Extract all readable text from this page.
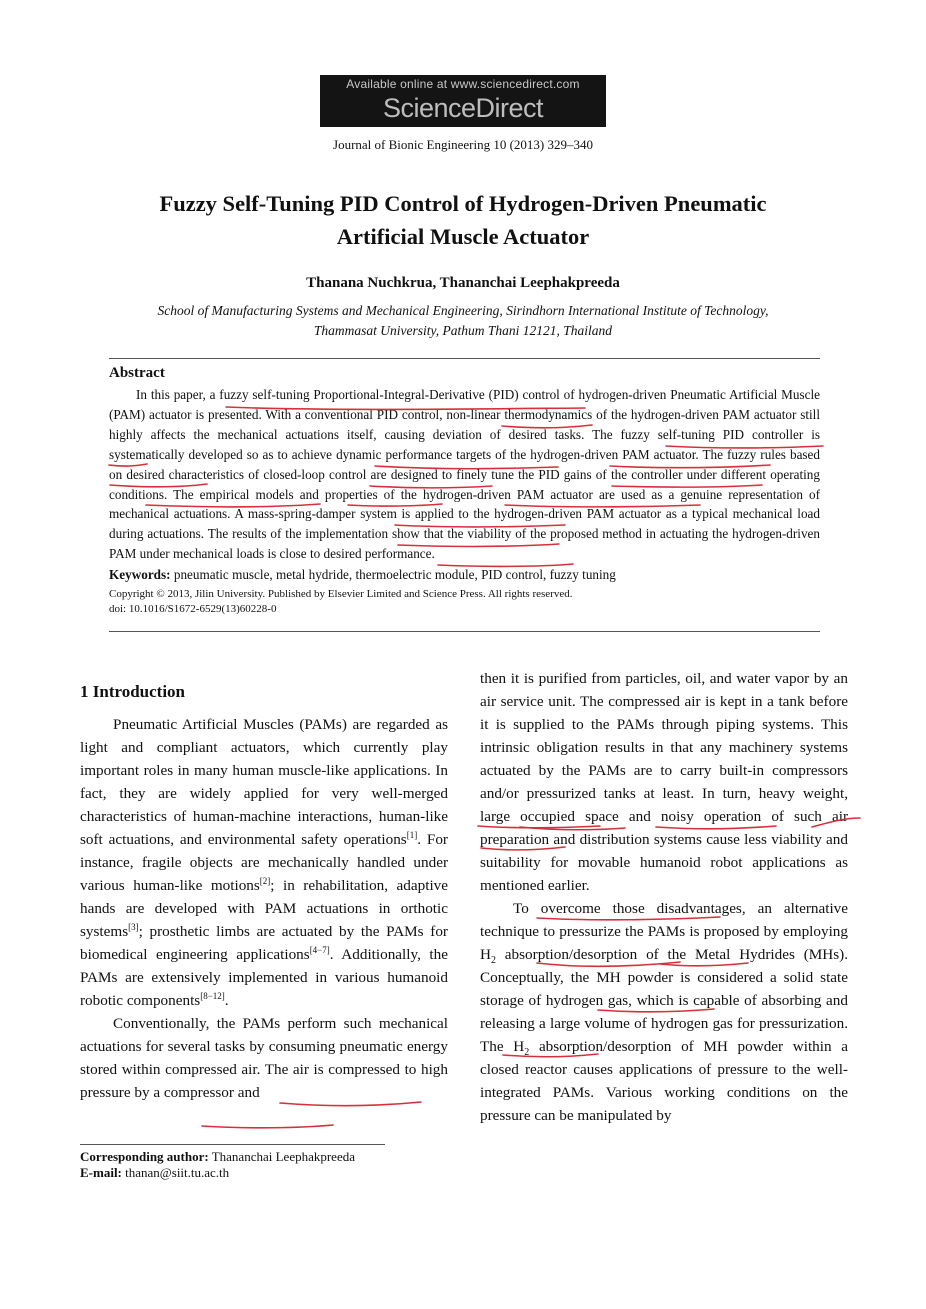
Available online at www.sciencedirect.com
ScienceDirect
Journal of Bionic Engineering 10 (2013) 329–340
Fuzzy Self-Tuning PID Control of Hydrogen-Driven Pneumatic
Artificial Muscle Actuator
Thanana Nuchkrua, Thananchai Leephakpreeda
School of Manufacturing Systems and Mechanical Engineering, Sirindhorn International Institute of Technology,
Thammasat University, Pathum Thani 12121, Thailand
Abstract

In this paper, a fuzzy self-tuning Proportional-Integral-Derivative (PID) control of hydrogen-driven Pneumatic Artificial Muscle (PAM) actuator is presented. With a conventional PID control, non-linear thermodynamics of the hydrogen-driven PAM actuator still highly affects the mechanical actuations itself, causing deviation of desired tasks. The fuzzy self-tuning PID controller is systematically developed so as to achieve dynamic performance targets of the hydrogen-driven PAM actuator. The fuzzy rules based on desired characteristics of closed-loop control are designed to finely tune the PID gains of the controller under different operating conditions. The empirical models and properties of the hydrogen-driven PAM actuator are used as a genuine representation of mechanical actuations. A mass-spring-damper system is applied to the hydrogen-driven PAM actuator as a typical mechanical load during actuations. The results of the implementation show that the viability of the proposed method in actuating the hydrogen-driven PAM under mechanical loads is close to desired performance.

Keywords: pneumatic muscle, metal hydride, thermoelectric module, PID control, fuzzy tuning
Copyright © 2013, Jilin University. Published by Elsevier Limited and Science Press. All rights reserved.
doi: 10.1016/S1672-6529(13)60228-0
1 Introduction

Pneumatic Artificial Muscles (PAMs) are regarded as light and compliant actuators, which currently play important roles in many human muscle-like applications. In fact, they are widely applied for very well-merged characteristics of human-machine interactions, human-like soft actuations, and environmental safety operations[1]. For instance, fragile objects are mechanically handled under various human-like motions[2]; in rehabilitation, adaptive hands are developed with PAM actuations in orthotic systems[3]; prosthetic limbs are actuated by the PAMs for biomedical engineering applications[4−7]. Additionally, the PAMs are extensively implemented in various humanoid robotic components[8−12].

Conventionally, the PAMs perform such mechanical actuations for several tasks by consuming pneumatic energy stored within compressed air. The air is compressed to high pressure by a compressor and

then it is purified from particles, oil, and water vapor by an air service unit. The compressed air is kept in a tank before it is supplied to the PAMs through piping systems. This intrinsic obligation results in that any machinery systems actuated by the PAMs are to carry built-in compressors and/or pressurized tanks at least. In turn, heavy weight, large occupied space and noisy operation of such air preparation and distribution systems cause less viability and suitability for movable humanoid robot applications as mentioned earlier.

To overcome those disadvantages, an alternative technique to pressurize the PAMs is proposed by employing $H_2$ absorption/desorption of the Metal Hydrides (MHs). Conceptually, the MH powder is considered a solid state storage of hydrogen gas, which is capable of absorbing and releasing a large volume of hydrogen gas for pressurization. The $H_2$ absorption/desorption of MH powder within a closed reactor causes applications of pressure to the well-integrated PAMs. Various working conditions on the pressure can be manipulated by

Corresponding author: Thananchai Leephakpreeda
E-mail: thanan@siit.tu.ac.th
